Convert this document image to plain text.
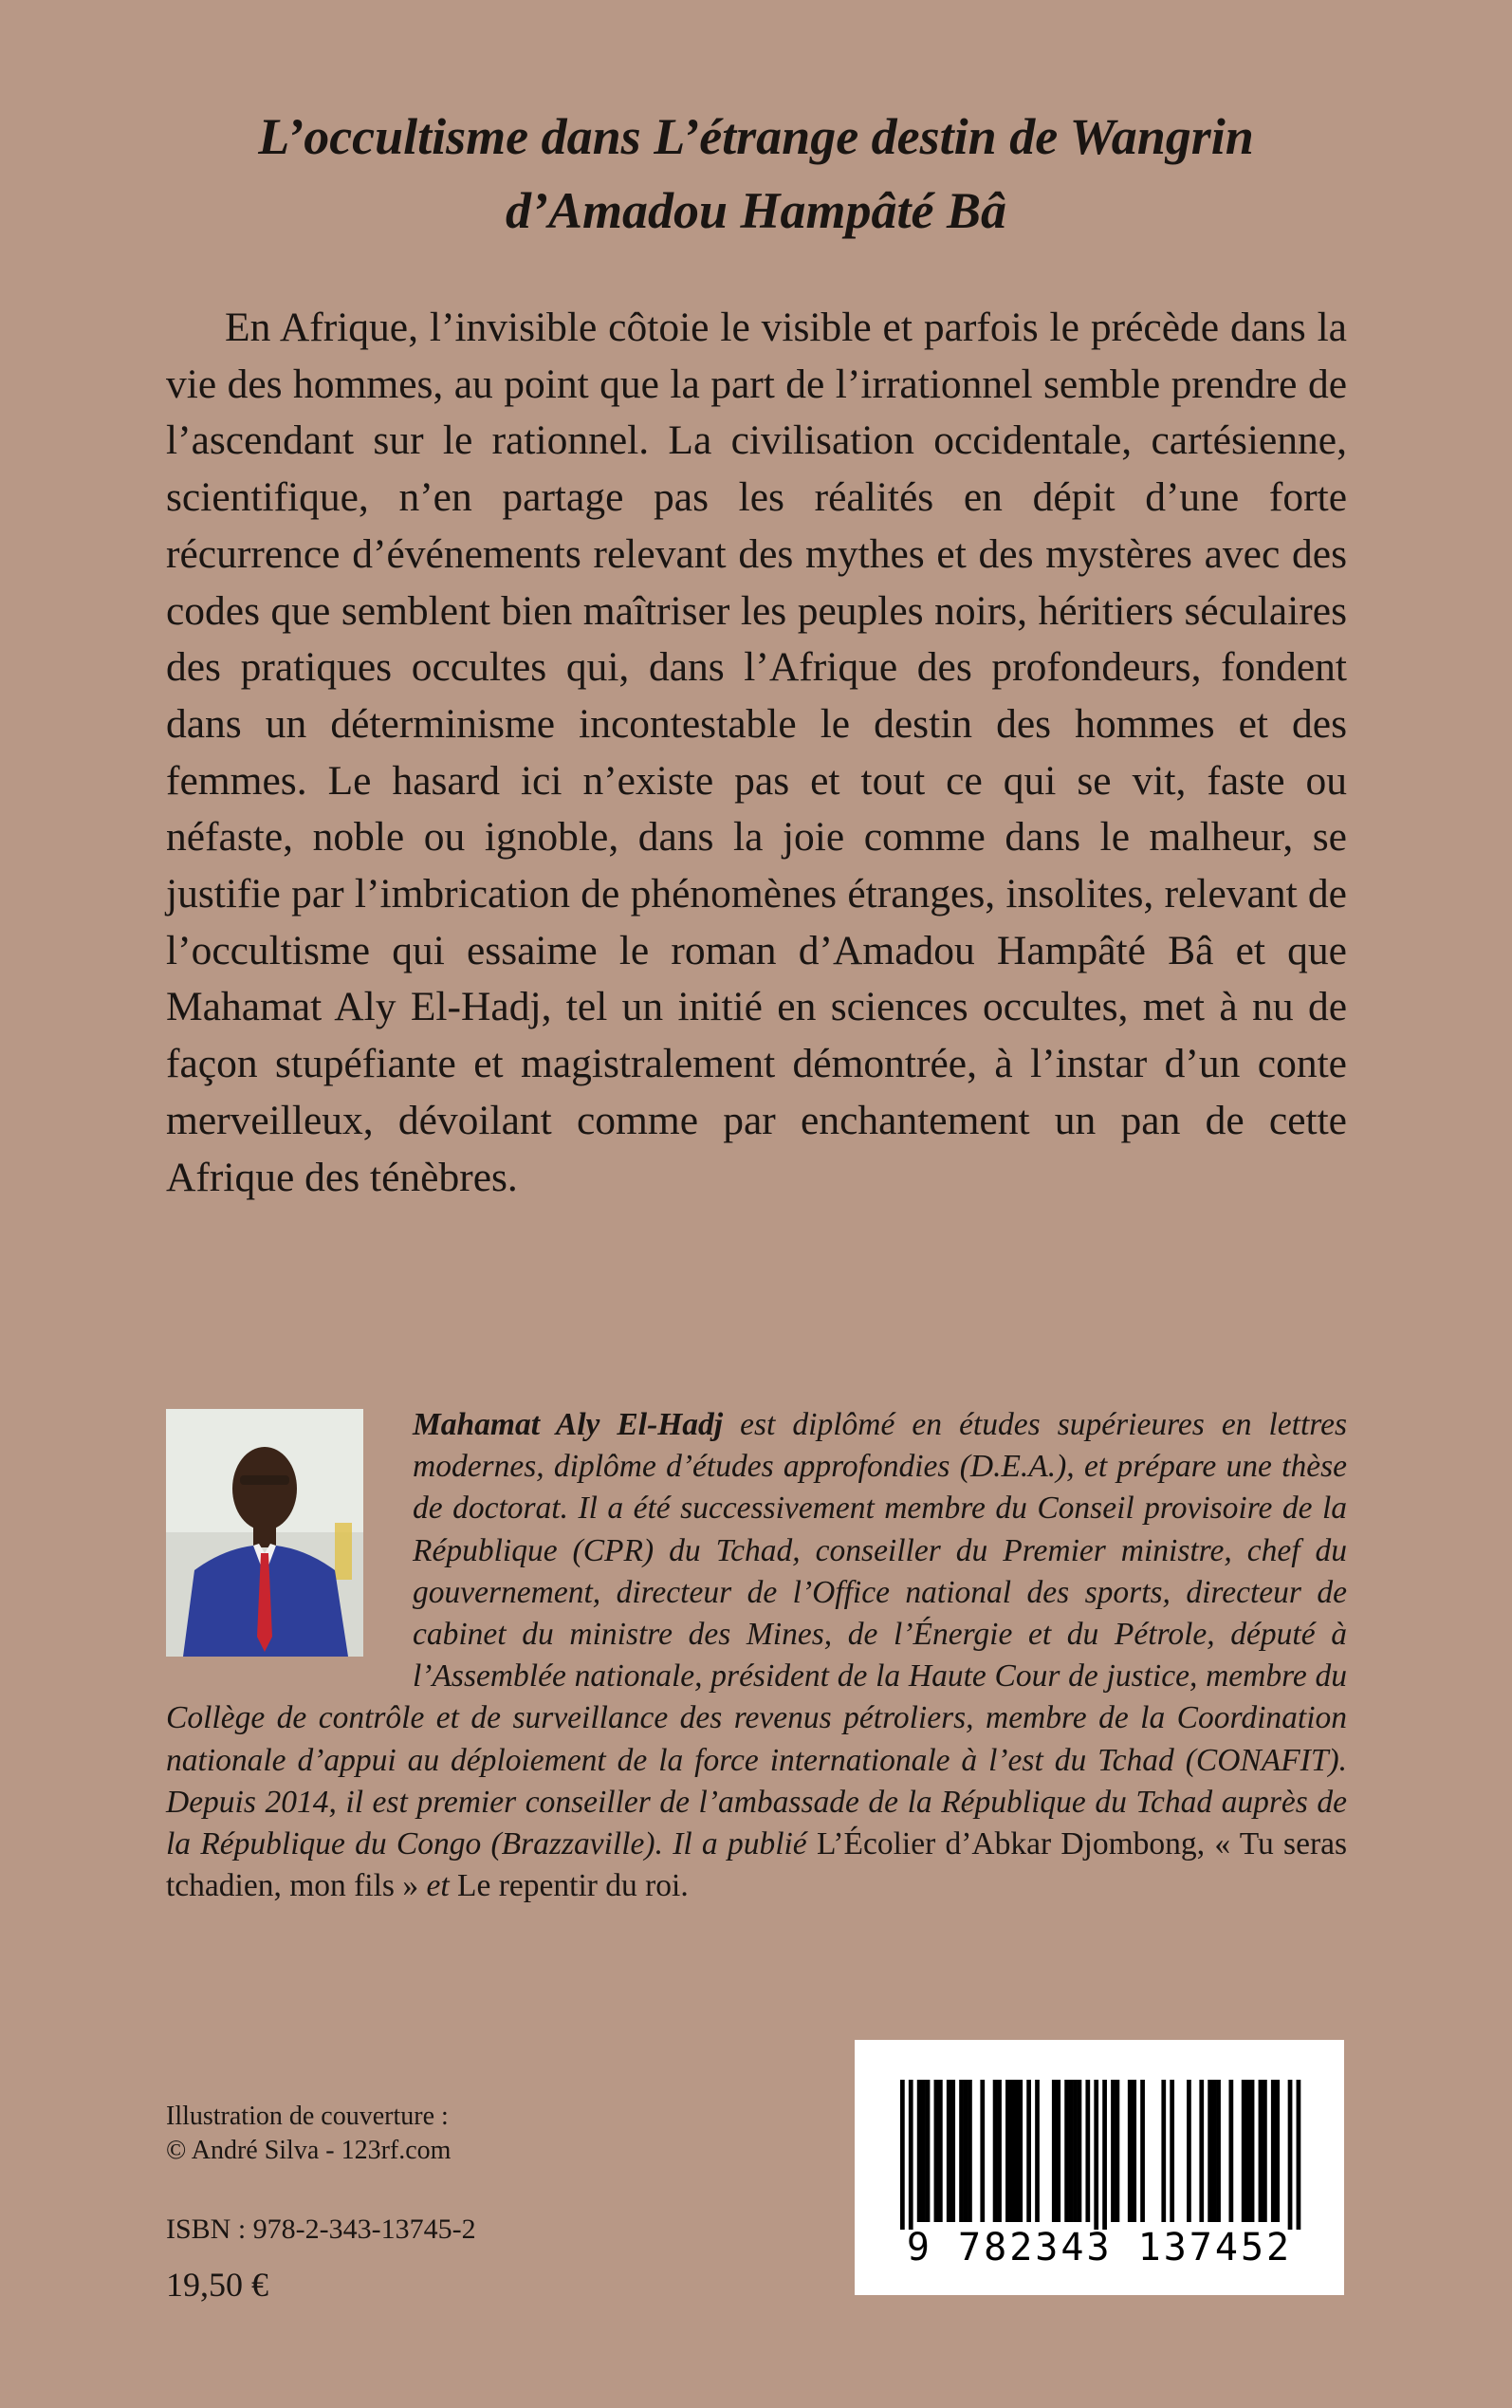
L’occultisme dans L’étrange destin de Wangrin
d’Amadou Hampâté Bâ

En Afrique, l’invisible côtoie le visible et parfois le précède dans la vie des hommes, au point que la part de l’irrationnel semble prendre de l’ascendant sur le rationnel. La civilisation occidentale, cartésienne, scientifique, n’en partage pas les réalités en dépit d’une forte récurrence d’événements relevant des mythes et des mystères avec des codes que semblent bien maîtriser les peuples noirs, héritiers séculaires des pratiques occultes qui, dans l’Afrique des profondeurs, fondent dans un déterminisme incontestable le destin des hommes et des femmes. Le hasard ici n’existe pas et tout ce qui se vit, faste ou néfaste, noble ou ignoble, dans la joie comme dans le malheur, se justifie par l’imbrication de phénomènes étranges, insolites, relevant de l’occultisme qui essaime le roman d’Amadou Hampâté Bâ et que Mahamat Aly El-Hadj, tel un initié en sciences occultes, met à nu de façon stupéfiante et magistralement démontrée, à l’instar d’un conte merveilleux, dévoilant comme par enchantement un pan de cette Afrique des ténèbres.

Mahamat Aly El-Hadj est diplômé en études supérieures en lettres modernes, diplôme d’études approfondies (D.E.A.), et prépare une thèse de doctorat. Il a été successivement membre du Conseil provisoire de la République (CPR) du Tchad, conseiller du Premier ministre, chef du gouvernement, directeur de l’Office national des sports, directeur de cabinet du ministre des Mines, de l’Énergie et du Pétrole, député à l’Assemblée nationale, président de la Haute Cour de justice, membre du Collège de contrôle et de surveillance des revenus pétroliers, membre de la Coordination nationale d’appui au déploiement de la force internationale à l’est du Tchad (CONAFIT). Depuis 2014, il est premier conseiller de l’ambassade de la République du Tchad auprès de la République du Congo (Brazzaville). Il a publié L’Écolier d’Abkar Djombong, « Tu seras tchadien, mon fils » et Le repentir du roi.

Illustration de couverture :
© André Silva - 123rf.com
ISBN : 978-2-343-13745-2
19,50 €
9 782343 137452
